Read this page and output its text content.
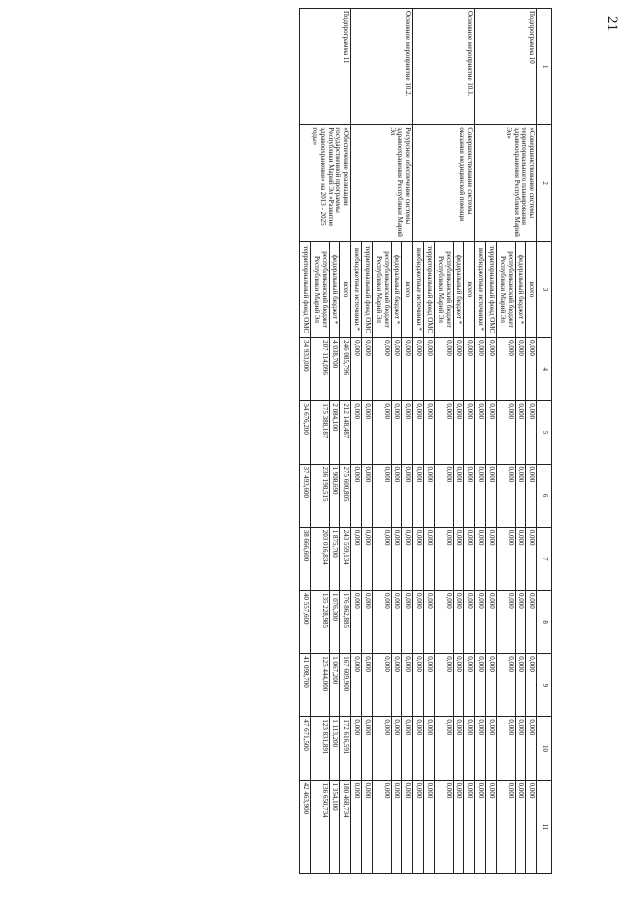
21
1	2	3	4	5	6	7	8	9	10	11
Подпрограмма 10	«Совершенствование системы территориального планирования здравоохранения Республики Марий Эл»	всего	0,000	0,000	0,000	0,000	0,000	0,000	0,000	0,000
		федеральный бюджет *	0,000	0,000	0,000	0,000	0,000	0,000	0,000	0,000
		республиканский бюджет Республики Марий Эл	0,000	0,000	0,000	0,000	0,000	0,000	0,000	0,000
		территориальный фонд ОМС	0,000	0,000	0,000	0,000	0,000	0,000	0,000	0,000
		внебюджетные источники *	0,000	0,000	0,000	0,000	0,000	0,000	0,000	0,000
Основное мероприятие 10.1.	Совершенствование системы оказания медицинской помощи	всего	0,000	0,000	0,000	0,000	0,000	0,000	0,000	0,000
		федеральный бюджет *	0,000	0,000	0,000	0,000	0,000	0,000	0,000	0,000
		республиканский бюджет Республики Марий Эл	0,000	0,000	0,000	0,000	0,000	0,000	0,000	0,000
		территориальный фонд ОМС	0,000	0,000	0,000	0,000	0,000	0,000	0,000	0,000
		внебюджетные источники *	0,000	0,000	0,000	0,000	0,000	0,000	0,000	0,000
Основное мероприятие 10.2.	Ресурсное обеспечение системы здравоохранения Республики Марий Эл	всего	0,000	0,000	0,000	0,000	0,000	0,000	0,000	0,000
		федеральный бюджет *	0,000	0,000	0,000	0,000	0,000	0,000	0,000	0,000
		республиканский бюджет Республики Марий Эл	0,000	0,000	0,000	0,000	0,000	0,000	0,000	0,000
		территориальный фонд ОМС	0,000	0,000	0,000	0,000	0,000	0,000	0,000	0,000
		внебюджетные источники *	0,000	0,000	0,000	0,000	0,000	0,000	0,000	0,000
Подпрограмма 11	«Обеспечение реализации государственной программы Республики Марий Эл «Развитие здравоохранения» на 2013 - 2025 годы»	всего	246 085,796	212 148,487	275 600,805	243 559,134	176 862,885	167 609,900	172 616,591	180 468,734
		федеральный бюджет *	4 038,700	2 084,100	1 908,690	1 875,700	1 076,300	1 067,200	1 113,200	1 354,100
		республиканский бюджет Республики Марий Эл	207 114,096	175 388,187	236 198,515	203 016,834	135 228,985	125 444,000	123 831,891	136 650,734
		территориальный фонд ОМС	34 933,000	34 676,200	37 493,600	38 666,600	40 557,600	41 098,700	47 671,500	42 463,900
